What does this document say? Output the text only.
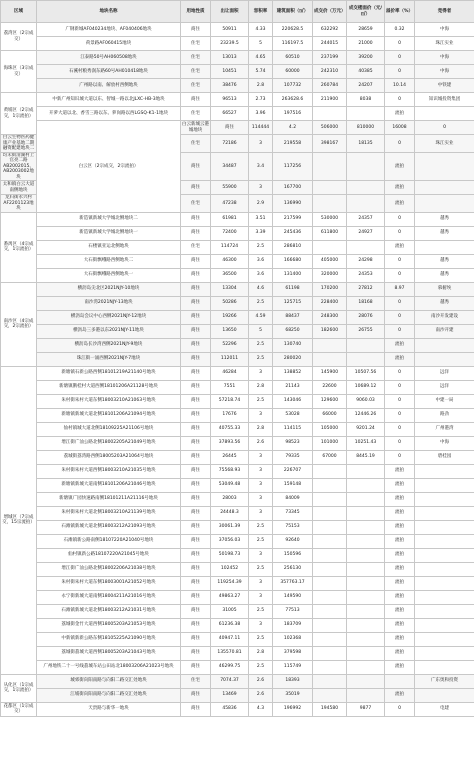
区域	地块名称	用地性质	出让面积	容积率	建筑面积（㎡）	成交价（万元）	成交楼面价（元/㎡）	溢价率（%）	竞得者	
荔湾区（2宗成交）	广钢新城AF040234地块、AF040406地块	商住	50911	4.33	220628.5	632292	28659	0.32	中海	
	荷景路AF060415地块	住宅	23239.5	5	116197.5	244015	21000	0	珠江实业	
海珠区（3宗成交）	江泰路50号AH060508地块	住宅	13013	4.65	60510	237199	39200	0	中海	
	石溪村粮秀润东路60号AH010418地块	住宅	10451	5.74	60000	242310	40385	0	中海	
	广州路以南、解放村西侧地块	住宅	38476	2.8	107732	260784	24207	10.14	中铁建	
黄埔区（2宗成交，1宗流拍）	中新广州知识城大道以东、智城一路以北JLXC-HB-3地块	商住	96513	2.73	263628.6	211900	8038	0	知识城投资集团	
	开萝大道以北、香雪三路以东、萝岗路以西LGSQ-K1-1地块	住宅	66527	3.96	197516			流拍		
	白云区（2宗成交，2宗流拍）	白云新城云港城地块	商住	114444	4.2	506000	810000	16008	0	
白云生物医药健康产业基地二期融资配建地块二		住宅	72186	3	219558	398167	18135	0	珠江实业	
均禾街清湖村上官亮二路AB2002015、AB2003002地块		商住	34487	3.4	117256			流拍		
太和镇白云大道南侧地块		商住	55900	3	167700			流拍		
龙归街永兴村AF2201123地块		住宅	47238	2.9	136990			流拍		
番禺区（4宗成交，1宗流拍）	新造镇新城大学城北侧地块二	商住	61981	3.51	217599	530000	24357	0	越秀	
	新造镇新城大学城北侧地块一	商住	72400	3.39	245436	611800	24927	0	越秀	
	石楼镇亚运北侧地块	住宅	114724	2.5	286810			流拍		
	大石街飘峨路西侧地块二	商住	46300	3.6	166680	405000	24298	0	越秀	
	大石街飘峨路西侧地块一	商住	36500	3.6	131400	320000	24353	0	越秀	
南沙区（4宗成交，2宗流拍）	横沥岛尖北区2021NJY-10地块	商住	13304	4.6	61198	170200	27812	8.97	慕俯埃	
	南沙湾2021NJY-13地块	商住	50286	2.5	125715	228400	18168	0	越秀	
	横沥岛会议中心西侧2021NJY-12地块	商住	19266	4.59	88437	248300	28076	0	南沙开发建设	
	横沥岛三多港以东2021NJY-11地块	商住	13650	5	68250	182600	26755	0	南沙开建	
	横沥岛长沙湾西侧2021NJY-9地块	商住	52296	2.5	130740			流拍		
	珠江街一涌西侧2021NJY-7地块	商住	112011	2.5	280020			流拍		
增城区（7宗成交，15宗流拍）	新塘镇石新公路西侧18101219A21140号地块	商住	46284	3	138852	145900	10507.56	0	远洋	
	新塘镇鹅桂村大道西侧18101206A21128号地块	商住	7551	2.8	21143	22600	10689.12	0	远洋	
	朱村街朱村大道东侧18003210A21063号地块	商住	57218.74	2.5	143046	129600	9060.03	0	中建一局	
	新塘镇新城大道北侧18101206A21094号地块	商住	17676	3	53028	66000	12446.26	0	路劲	
	仙村镇城大道北侧18109225A21106号地块	商住	40755.33	2.8	114115	105000	9201.24	0	广州港湾	
	增江街广汕公路北侧18002205A21049号地块	商住	37893.56	2.6	98523	101000	10251.43	0	中海	
	荔城街荔湾路西侧18005203A21064号地块	商住	26445	3	79335	67000	8445.19	0	碧桂园	
	朱村街朱村大道西侧18003210A21035号地块	商住	75568.93	3	226707			流拍		
	新塘镇新城大道南侧18101206A21046号地块	商住	53049.48	3	159148			流拍		
	新塘镇广园快速路南侧18101211A21116号地块	商住	28003	3	84009			流拍		
	朱村街朱村大道北侧18003210A21139号地块	商住	24448.3	3	73345			流拍		
	石滩镇新城大道北侧18003212A21093号地块	商住	30061.39	2.5	75153			流拍		
	石滩镇新公路南侧18107220A21040号地块	商住	37056.03	2.5	92640			流拍		
	仙村镇新公路18107220A21045号地块	商住	50198.73	3	150596			流拍		
	增江街广汕公路北侧18002206A21038号地块	商住	102452	2.5	256130			流拍		
	朱村街朱村大道东侧18003001A21052号地块	商住	119254.39	3	357763.17			流拍		
	永宁街新城大道南侧18004211A21016号地块	商住	49863.27	3	149590			流拍		
	石滩镇新城大道北侧18003212A21031号地块	商住	31005	2.5	77513			流拍		
	荔城街金竹大道西侧18005203A21053号地块	商住	61236.38	3	183709			流拍		
	中新镇新新公路东侧18105225A21090号地块	商住	40947.11	2.5	102368			流拍		
	荔城街荔城大道西侧18005203A21043号地块	商住	135570.81	2.8	379598			流拍		
	广州地铁二十一号线荔城车站公田站北18003206A21023号地块	商住	46299.75	2.5	115749			流拍		
从化区（1宗成交，1宗流拍）	城郊街向阳南路与向阳二路交汇处地块	住宅	7074.37	2.6	18393				广东奥和投资	
	江埔街向阳南路与向阳二路交汇处地块	商住	13469	2.6	35019			流拍		
花都区（1宗成交）	天贵路与新华一地块	商住	45836	4.3	196992	194580	9877	0	电建	
